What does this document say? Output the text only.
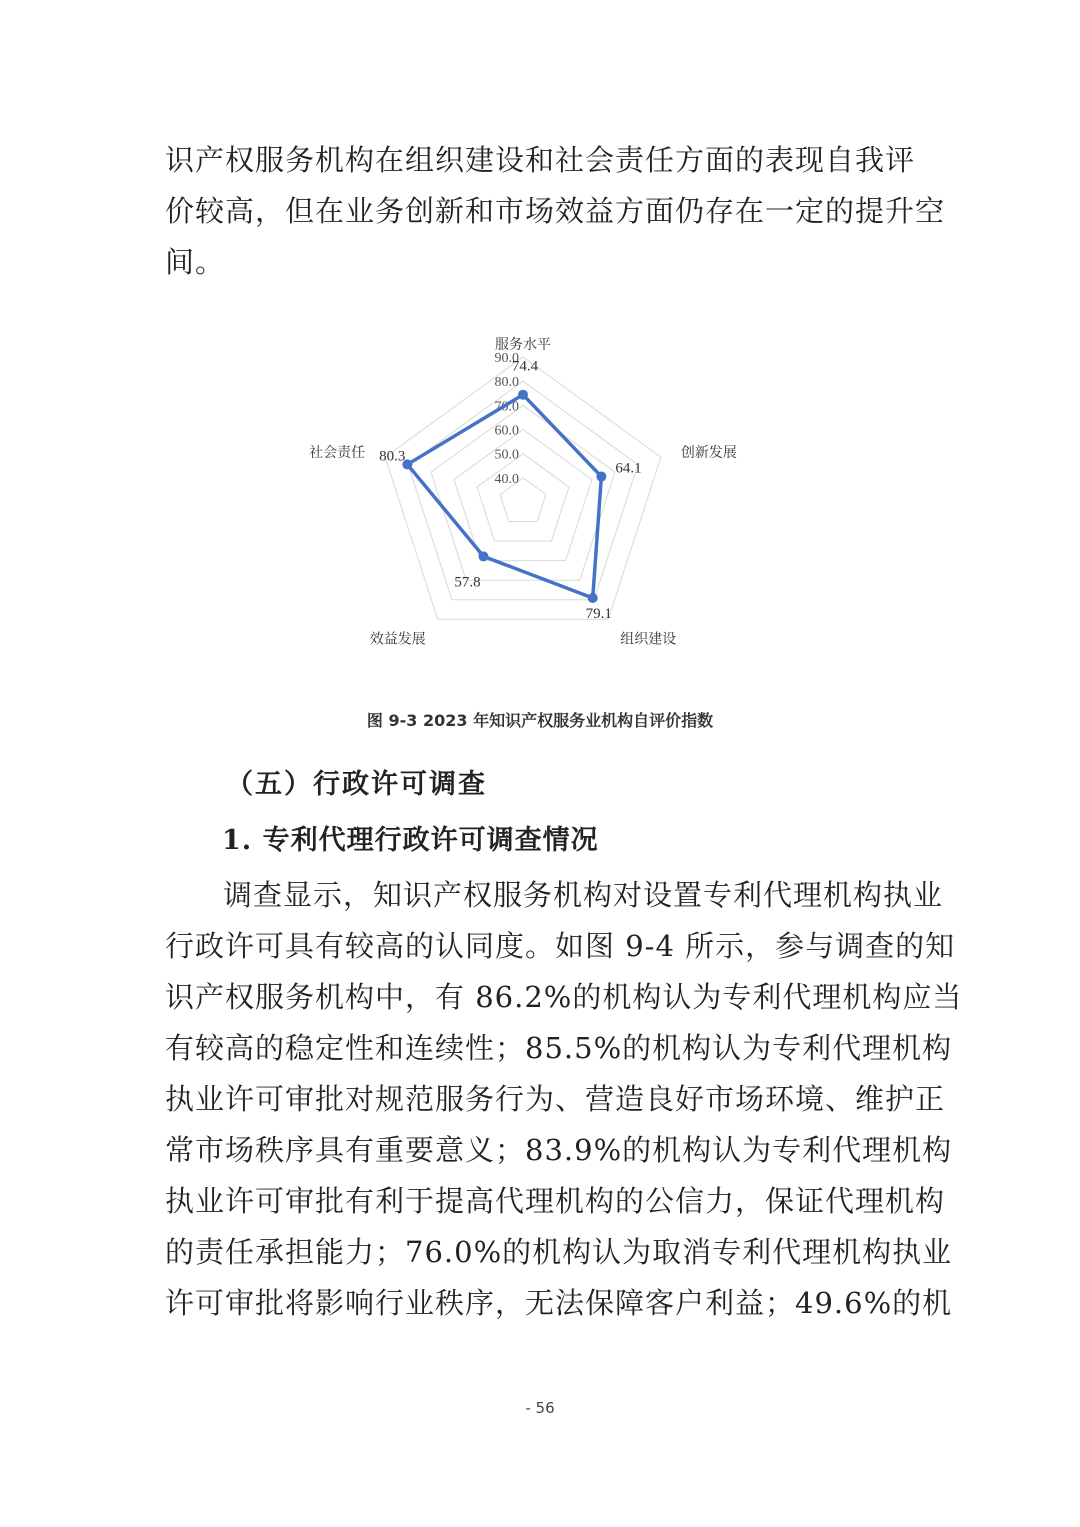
识产权服务机构在组织建设和社会责任方面的表现自我评
价较高，但在业务创新和市场效益方面仍存在一定的提升空
间。
40.0
50.0
60.0
70.0
80.0
90.0
服务水平
创新发展
组织建设
效益发展
社会责任
74.4
64.1
79.1
57.8
80.3
图 9-3 2023 年知识产权服务业机构自评价指数
（五）行政许可调查
1. 专利代理行政许可调查情况
调查显示，知识产权服务机构对设置专利代理机构执业
行政许可具有较高的认同度。如图 9-4 所示，参与调查的知
识产权服务机构中，有 86.2%的机构认为专利代理机构应当
有较高的稳定性和连续性；85.5%的机构认为专利代理机构
执业许可审批对规范服务行为、营造良好市场环境、维护正
常市场秩序具有重要意义；83.9%的机构认为专利代理机构
执业许可审批有利于提高代理机构的公信力，保证代理机构
的责任承担能力；76.0%的机构认为取消专利代理机构执业
许可审批将影响行业秩序，无法保障客户利益；49.6%的机
- 56
